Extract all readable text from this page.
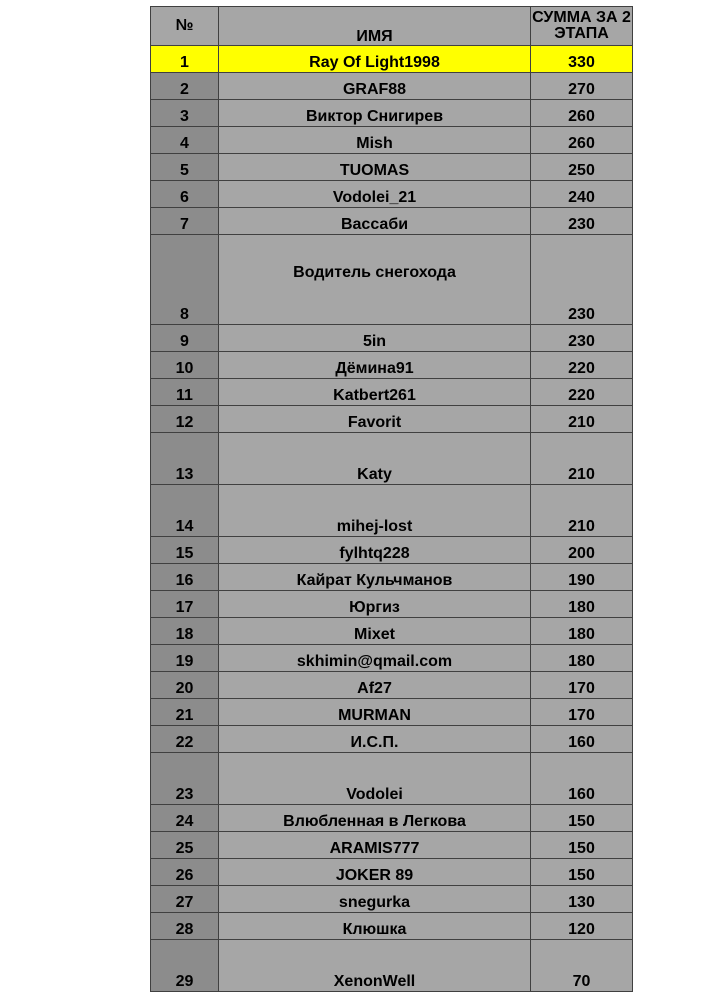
№	ИМЯ	СУММА ЗА 2 ЭТАПА
1	Ray Of Light1998	330
2	GRAF88	270
3	Виктор Снигирев	260
4	Mish	260
5	TUOMAS	250
6	Vodolei_21	240
7	Вассаби	230
8	Водитель снегохода	230
9	5in	230
10	Дёмина91	220
11	Katbert261	220
12	Favorit	210
13	Katy	210
14	mihej-lost	210
15	fylhtq228	200
16	Кайрат Кульчманов	190
17	Юргиз	180
18	Mixet	180
19	skhimin@qmail.com	180
20	Af27	170
21	MURMAN	170
22	И.С.П.	160
23	Vodolei	160
24	Влюбленная в Легкова	150
25	ARAMIS777	150
26	JOKER 89	150
27	snegurka	130
28	Клюшка	120
29	XenonWell	70
